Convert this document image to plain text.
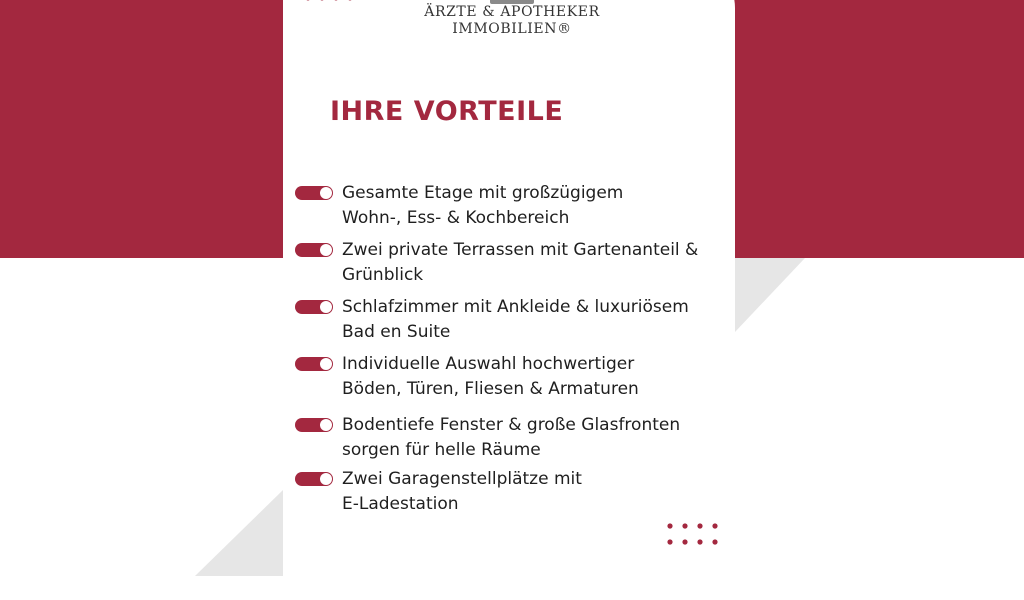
ÄRZTE & APOTHEKER
IMMOBILIEN®
IHRE VORTEILE
Gesamte Etage mit großzügigem
Wohn-, Ess- & Kochbereich
Zwei private Terrassen mit Gartenanteil &
Grünblick
Schlafzimmer mit Ankleide & luxuriösem
Bad en Suite
Individuelle Auswahl hochwertiger
Böden, Türen, Fliesen & Armaturen
Bodentiefe Fenster & große Glasfronten
sorgen für helle Räume
Zwei Garagenstellplätze mit
E-Ladestation
